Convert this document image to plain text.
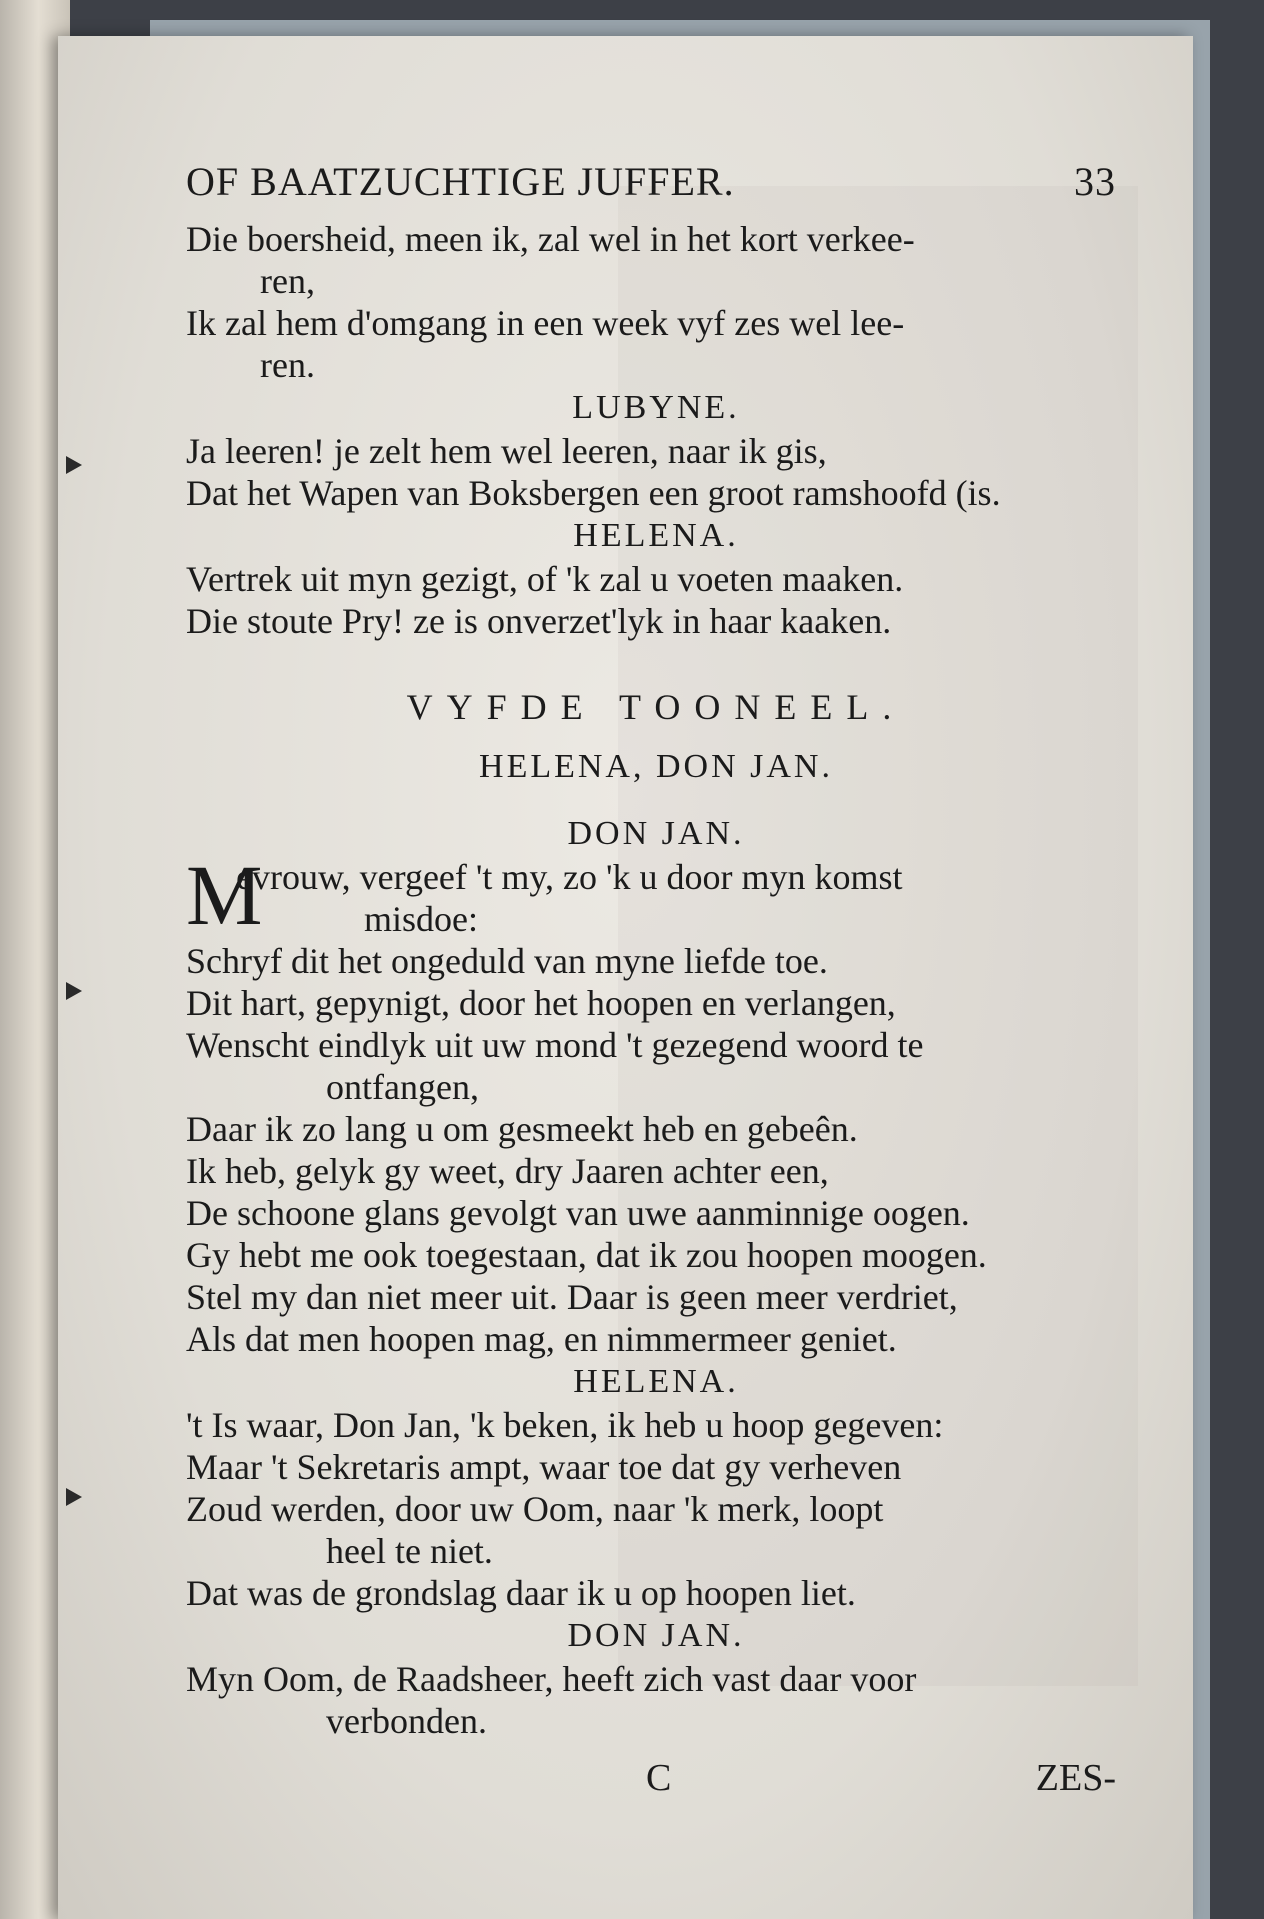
OF BAATZUCHTIGE JUFFER.	33
Die boersheid, meen ik, zal wel in het kort verkee-
ren,
Ik zal hem d'omgang in een week vyf zes wel lee-
ren.
LUBYNE.
Ja leeren! je zelt hem wel leeren, naar ik gis,
Dat het Wapen van Boksbergen een groot ramshoofd (is.
HELENA.
Vertrek uit myn gezigt, of 'k zal u voeten maaken.
Die stoute Pry! ze is onverzet'lyk in haar kaaken.
VYFDE TOONEEL.
HELENA, DON JAN.
DON JAN.
M
evrouw, vergeef 't my, zo 'k u door myn komst
misdoe:
Schryf dit het ongeduld van myne liefde toe.
Dit hart, gepynigt, door het hoopen en verlangen,
Wenscht eindlyk uit uw mond 't gezegend woord te
ontfangen,
Daar ik zo lang u om gesmeekt heb en gebeên.
Ik heb, gelyk gy weet, dry Jaaren achter een,
De schoone glans gevolgt van uwe aanminnige oogen.
Gy hebt me ook toegestaan, dat ik zou hoopen moogen.
Stel my dan niet meer uit. Daar is geen meer verdriet,
Als dat men hoopen mag, en nimmermeer geniet.
HELENA.
't Is waar, Don Jan, 'k beken, ik heb u hoop gegeven:
Maar 't Sekretaris ampt, waar toe dat gy verheven
Zoud werden, door uw Oom, naar 'k merk, loopt
heel te niet.
Dat was de grondslag daar ik u op hoopen liet.
DON JAN.
Myn Oom, de Raadsheer, heeft zich vast daar voor
verbonden.
C	ZES-
